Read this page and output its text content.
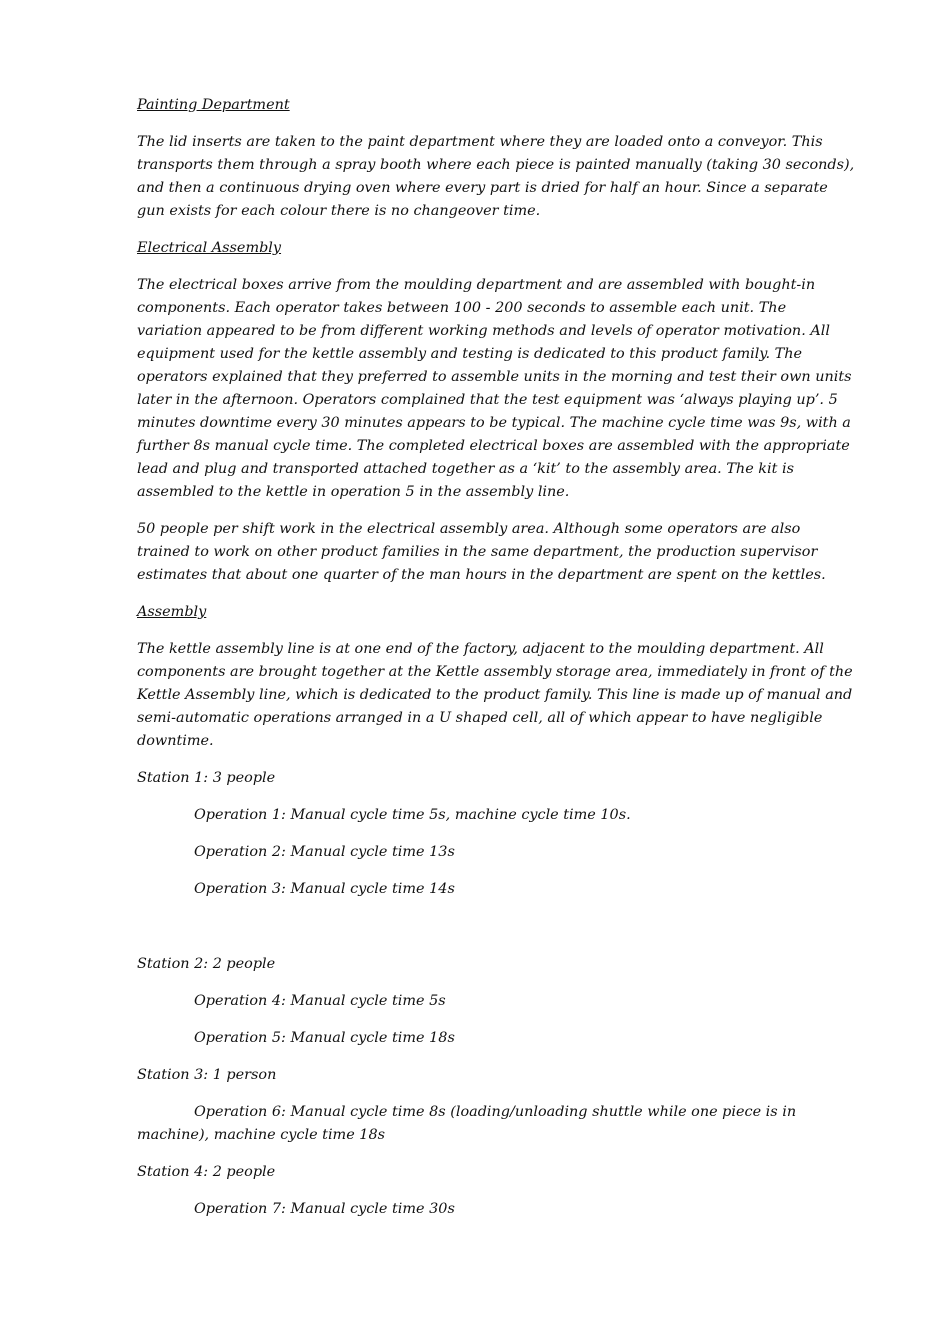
Painting Department

The lid inserts are taken to the paint department where they are loaded onto a conveyor. This transports them through a spray booth where each piece is painted manually (taking 30 seconds), and then a continuous drying oven where every part is dried for half an hour. Since a separate gun exists for each colour there is no changeover time.

Electrical Assembly

The electrical boxes arrive from the moulding department and are assembled with bought-in components. Each operator takes between 100 - 200 seconds to assemble each unit. The variation appeared to be from different working methods and levels of operator motivation. All equipment used for the kettle assembly and testing is dedicated to this product family. The operators explained that they preferred to assemble units in the morning and test their own units later in the afternoon. Operators complained that the test equipment was ‘always playing up’. 5 minutes downtime every 30 minutes appears to be typical. The machine cycle time was 9s, with a further 8s manual cycle time. The completed electrical boxes are assembled with the appropriate lead and plug and transported attached together as a ‘kit’ to the assembly area. The kit is assembled to the kettle in operation 5 in the assembly line.

50 people per shift work in the electrical assembly area. Although some operators are also trained to work on other product families in the same department, the production supervisor estimates that about one quarter of the man hours in the department are spent on the kettles.

Assembly

The kettle assembly line is at one end of the factory, adjacent to the moulding department. All components are brought together at the Kettle assembly storage area, immediately in front of the Kettle Assembly line, which is dedicated to the product family. This line is made up of manual and semi-automatic operations arranged in a U shaped cell, all of which appear to have negligible downtime.

Station 1: 3 people

Operation 1: Manual cycle time 5s, machine cycle time 10s.

Operation 2: Manual cycle time 13s

Operation 3: Manual cycle time 14s

Station 2: 2 people

Operation 4: Manual cycle time 5s

Operation 5: Manual cycle time 18s

Station 3: 1 person

Operation 6: Manual cycle time 8s (loading/unloading shuttle while one piece is in machine), machine cycle time 18s

Station 4: 2 people

Operation 7: Manual cycle time 30s
